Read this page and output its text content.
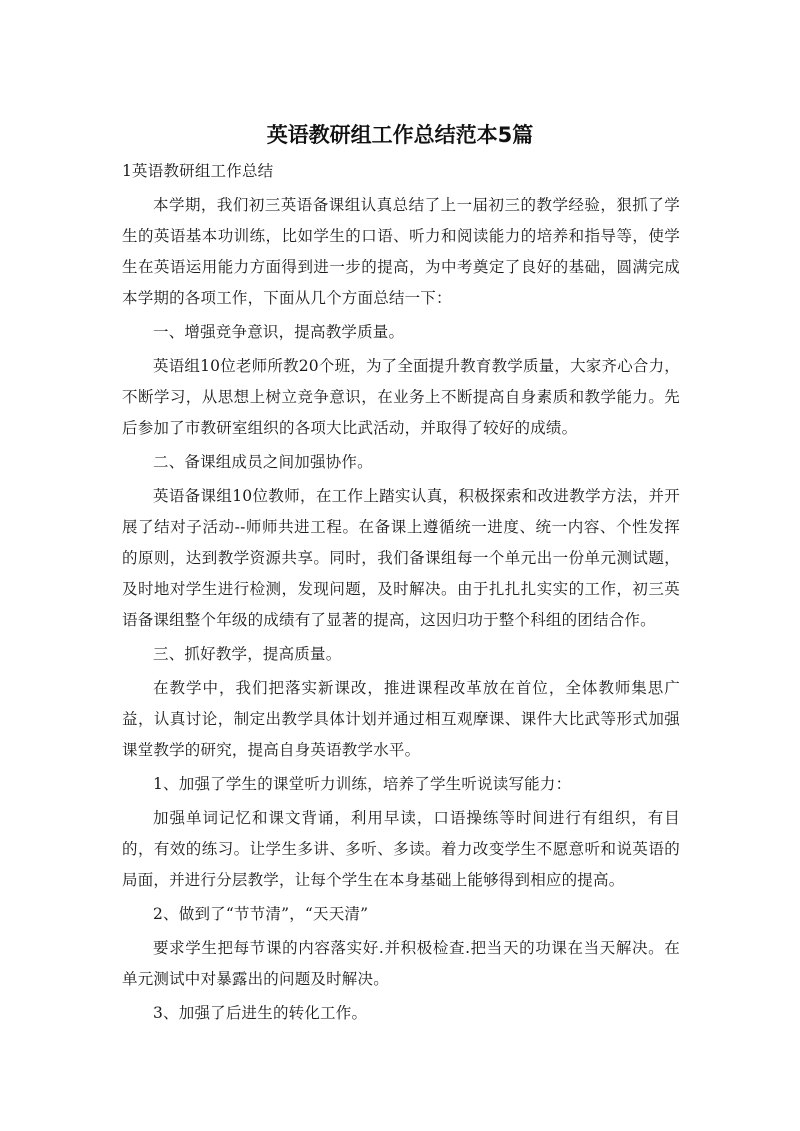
英语教研组工作总结范本5篇

1英语教研组工作总结

本学期，我们初三英语备课组认真总结了上一届初三的教学经验，狠抓了学生的英语基本功训练，比如学生的口语、听力和阅读能力的培养和指导等，使学生在英语运用能力方面得到进一步的提高，为中考奠定了良好的基础，圆满完成本学期的各项工作，下面从几个方面总结一下：

一、增强竞争意识，提高教学质量。

英语组10位老师所教20个班，为了全面提升教育教学质量，大家齐心合力，不断学习，从思想上树立竞争意识，在业务上不断提高自身素质和教学能力。先后参加了市教研室组织的各项大比武活动，并取得了较好的成绩。

二、备课组成员之间加强协作。

英语备课组10位教师，在工作上踏实认真，积极探索和改进教学方法，并开展了结对子活动--师师共进工程。在备课上遵循统一进度、统一内容、个性发挥的原则，达到教学资源共享。同时，我们备课组每一个单元出一份单元测试题，及时地对学生进行检测，发现问题，及时解决。由于扎扎扎实实的工作，初三英语备课组整个年级的成绩有了显著的提高，这因归功于整个科组的团结合作。

三、抓好教学，提高质量。

在教学中，我们把落实新课改，推进课程改革放在首位，全体教师集思广益，认真讨论，制定出教学具体计划并通过相互观摩课、课件大比武等形式加强课堂教学的研究，提高自身英语教学水平。

1、加强了学生的课堂听力训练，培养了学生听说读写能力：

加强单词记忆和课文背诵，利用早读，口语操练等时间进行有组织，有目的，有效的练习。让学生多讲、多听、多读。着力改变学生不愿意听和说英语的局面，并进行分层教学，让每个学生在本身基础上能够得到相应的提高。

2、做到了“节节清”，“天天清”

要求学生把每节课的内容落实好.并积极检查.把当天的功课在当天解决。在单元测试中对暴露出的问题及时解决。

3、加强了后进生的转化工作。
